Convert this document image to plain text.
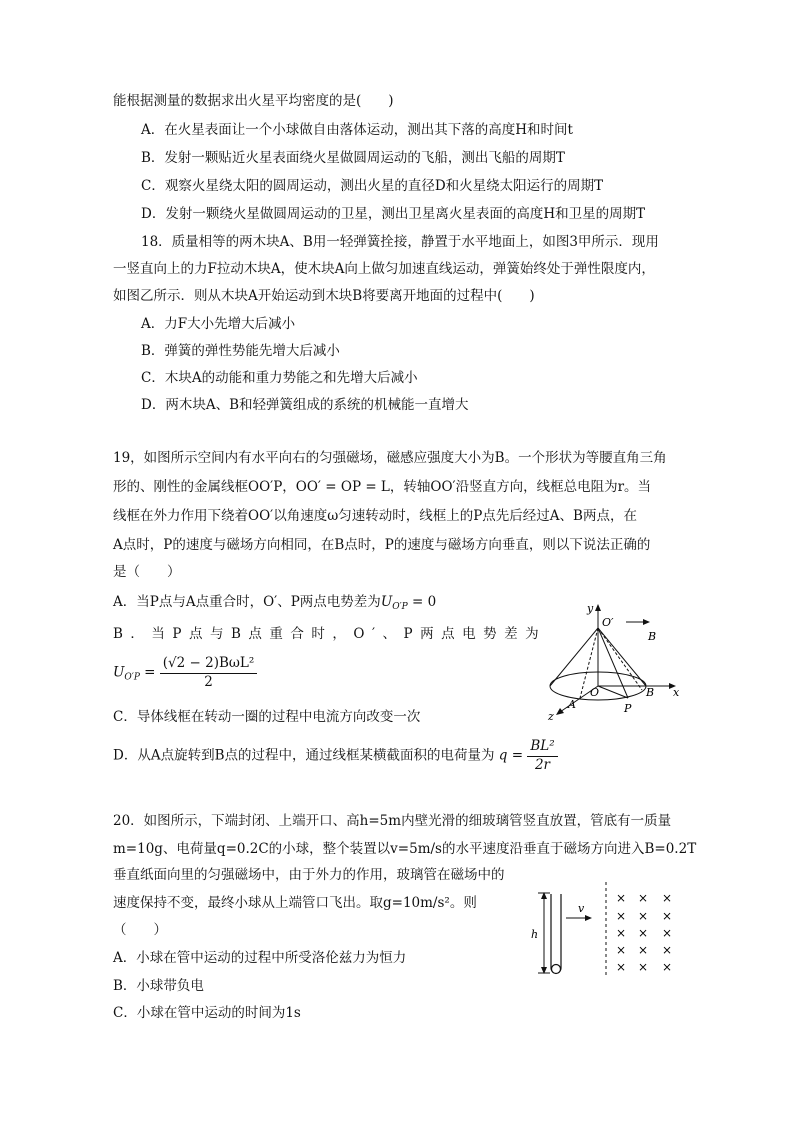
能根据测量的数据求出火星平均密度的是(　　)
A．在火星表面让一个小球做自由落体运动，测出其下落的高度H和时间t
B．发射一颗贴近火星表面绕火星做圆周运动的飞船，测出飞船的周期T
C．观察火星绕太阳的圆周运动，测出火星的直径D和火星绕太阳运行的周期T
D．发射一颗绕火星做圆周运动的卫星，测出卫星离火星表面的高度H和卫星的周期T
18．质量相等的两木块A、B用一轻弹簧拴接，静置于水平地面上，如图3甲所示．现用
一竖直向上的力F拉动木块A，使木块A向上做匀加速直线运动，弹簧始终处于弹性限度内，
如图乙所示．则从木块A开始运动到木块B将要离开地面的过程中(　　)
A．力F大小先增大后减小
B．弹簧的弹性势能先增大后减小
C．木块A的动能和重力势能之和先增大后减小
D．两木块A、B和轻弹簧组成的系统的机械能一直增大
19，如图所示空间内有水平向右的匀强磁场，磁感应强度大小为B。一个形状为等腰直角三角
形的、刚性的金属线框OO′P，OO′ = OP = L，转轴OO′沿竖直方向，线框总电阻为r。当
线框在外力作用下绕着OO′以角速度ω匀速转动时，线框上的P点先后经过A、B两点，在
A点时，P的速度与磁场方向相同，在B点时，P的速度与磁场方向垂直，则以下说法正确的
是（　　）
A．当P点与A点重合时，O′、P两点电势差为$U_{O'P} = 0$
B．当P点与B点重合时，O′、P两点电势差为
$U_{O'P} = \frac{\text{(√2 − 2)BωL²}}{2}$
C．导体线框在转动一圈的过程中电流方向改变一次
D．从A点旋转到B点的过程中，通过线框某横截面积的电荷量为 $q = \frac{\text{BL²}}{2r}$
y
B
O′
x
z
O
A	P
B
20．如图所示，下端封闭、上端开口、高h=5m内壁光滑的细玻璃管竖直放置，管底有一质量
m=10g、电荷量q=0.2C的小球，整个装置以v=5m/s的水平速度沿垂直于磁场方向进入B=0.2T
垂直纸面向里的匀强磁场中，由于外力的作用，玻璃管在磁场中的
速度保持不变，最终小球从上端管口飞出。取g=10m/s²。则
（　　）
A．小球在管中运动的过程中所受洛伦兹力为恒力
B．小球带负电
C．小球在管中运动的时间为1s
h
v
× × ×
× × ×
× × ×
× × ×
× × ×
